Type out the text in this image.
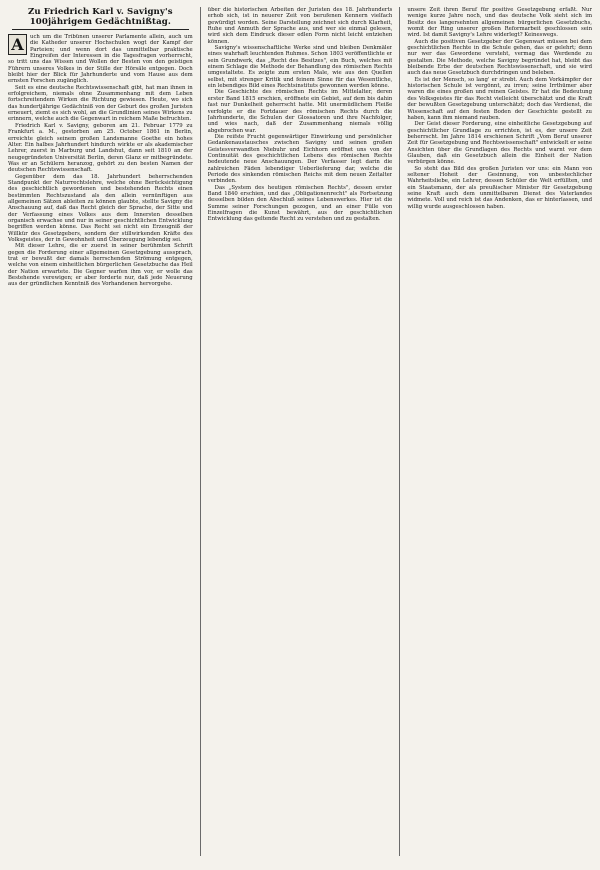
Zu Friedrich Karl v. Savigny's 100jährigem Gedächtnißtag.
A	uch um die Tribünen unserer Parlamente allein, auch um die Katheder unserer Hochschulen wogt der Kampf der Parteien; und wenn dort das unmittelbar praktische Eingreifen der Interessen in die Tagesfragen vorherrscht, so tritt uns das Wissen und Wollen der Besten von den geistigen Führern unseres Volkes in der Stille der Hörsäle entgegen. Doch bleibt hier der Blick für Jahrhunderte und vom Hause aus dem ernsten Forschen zugänglich.

Seit es eine deutsche Rechtswissenschaft gibt, hat man ihnen in erfolgreichem, niemals ohne Zusammenhang mit dem Leben fortschreitendem Wirken die Richtung gewiesen. Heute, wo sich das hundertjährige Gedächtniß von der Geburt des großen Juristen erneuert, ziemt es sich wohl, an die Grundlinien seines Wirkens zu erinnern, welche auch die Gegenwart in reichem Maße befruchten.

Friedrich Karl v. Savigny, geboren am 21. Februar 1779 zu Frankfurt a. M., gestorben am 25. October 1861 in Berlin, erreichte gleich seinem großen Landsmanne Goethe ein hohes Alter. Ein halbes Jahrhundert hindurch wirkte er als akademischer Lehrer, zuerst in Marburg und Landshut, dann seit 1810 an der neugegründeten Universität Berlin, deren Glanz er mitbegründete. Was er an Schülern heranzog, gehört zu den besten Namen der deutschen Rechtswissenschaft.

Gegenüber dem das 18. Jahrhundert beherrschenden Standpunkt der Naturrechtslehre, welche ohne Berücksichtigung des geschichtlich gewordenen und bestehenden Rechts einen bestimmten Rechtszustand als den allein vernünftigen aus allgemeinen Sätzen ableiten zu können glaubte, stellte Savigny die Anschauung auf, daß das Recht gleich der Sprache, der Sitte und der Verfassung eines Volkes aus dem Innersten desselben organisch erwachse und nur in seiner geschichtlichen Entwicklung begriffen werden könne. Das Recht sei nicht ein Erzeugniß der Willkür des Gesetzgebers, sondern der stillwirkenden Kräfte des Volksgeistes, der in Gewohnheit und Überzeugung lebendig sei.

Mit dieser Lehre, die er zuerst in seiner berühmten Schrift gegen die Forderung einer allgemeinen Gesetzgebung aussprach, trat er bewußt der damals herrschenden Strömung entgegen, welche von einem einheitlichen bürgerlichen Gesetzbuche das Heil der Nation erwartete. Die Gegner warfen ihm vor, er wolle das Bestehende verewigen; er aber forderte nur, daß jede Neuerung aus der gründlichen Kenntniß des Vorhandenen hervorgehe.

über die historischen Arbeiten der Juristen des 18. Jahrhunderts erhob sich, ist in neuerer Zeit von berufenen Kennern vielfach gewürdigt worden. Seine Darstellung zeichnet sich durch Klarheit, Ruhe und Anmuth der Sprache aus, und wer sie einmal gelesen, wird sich dem Eindruck dieser edlen Form nicht leicht entziehen können.

Savigny's wissenschaftliche Werke sind und bleiben Denkmäler eines wahrhaft leuchtenden Ruhmes. Schon 1803 veröffentlichte er sein Grundwerk, das „Recht des Besitzes", ein Buch, welches mit einem Schlage die Methode der Behandlung des römischen Rechts umgestaltete. Es zeigte zum ersten Male, wie aus den Quellen selbst, mit strenger Kritik und feinem Sinne für das Wesentliche, ein lebendiges Bild eines Rechtsinstituts gewonnen werden könne.

Die Geschichte des römischen Rechts im Mittelalter, deren erster Band 1815 erschien, eröffnete ein Gebiet, auf dem bis dahin fast nur Dunkelheit geherrscht hatte. Mit unermüdlichem Fleiße verfolgte er die Fortdauer des römischen Rechts durch die Jahrhunderte, die Schulen der Glossatoren und ihre Nachfolger, und wies nach, daß der Zusammenhang niemals völlig abgebrochen war.

Die reifste Frucht gegenwärtiger Einwirkung und persönlicher Gedankenaustausches zwischen Savigny und seinen großen Geistesverwandten Niebuhr und Eichhorn eröffnet uns von der Continuität des geschichtlichen Lebens des römischen Rechts bedeutende neue Anschauungen. Der Verfasser legt darin die zahlreichen Fäden lebendiger Ueberlieferung dar, welche die Periode des sinkenden römischen Reichs mit dem neuen Zeitalter verbinden.

Das „System des heutigen römischen Rechts", dessen erster Band 1840 erschien, und das „Obligationenrecht" als Fortsetzung desselben bilden den Abschluß seines Lebenswerkes. Hier ist die Summe seiner Forschungen gezogen, und an einer Fülle von Einzelfragen die Kunst bewährt, aus der geschichtlichen Entwicklung das geltende Recht zu verstehen und zu gestalten.

unsere Zeit ihren Beruf für positive Gesetzgebung erfaßt. Nur wenige kurze Jahre noch, und das deutsche Volk sieht sich im Besitz des langersehnten allgemeinen bürgerlichen Gesetzbuchs, womit der Ring unserer großen Reformarbeit geschlossen sein wird. Ist damit Savigny's Lehre widerlegt? Keineswegs.

Auch die positiven Gesetzgeber der Gegenwart müssen bei dem geschichtlichen Rechte in die Schule gehen, das er gelehrt; denn nur wer das Gewordene versteht, vermag das Werdende zu gestalten. Die Methode, welche Savigny begründet hat, bleibt das bleibende Erbe der deutschen Rechtswissenschaft, und sie wird auch das neue Gesetzbuch durchdringen und beleben.

Es ist der Mensch, so lang' er strebt. Auch dem Vorkämpfer der historischen Schule ist vergönnt, zu irren; seine Irrthümer aber waren die eines großen und reinen Geistes. Er hat die Bedeutung des Volksgeistes für das Recht vielleicht überschätzt und die Kraft der bewußten Gesetzgebung unterschätzt; doch das Verdienst, die Wissenschaft auf den festen Boden der Geschichte gestellt zu haben, kann ihm niemand rauben.

Der Geist dieser Forderung, eine einheitliche Gesetzgebung auf geschichtlicher Grundlage zu errichten, ist es, der unsere Zeit beherrscht. Im Jahre 1814 erschienen Schrift „Vom Beruf unserer Zeit für Gesetzgebung und Rechtswissenschaft" entwickelt er seine Ansichten über die Grundlagen des Rechts und warnt vor dem Glauben, daß ein Gesetzbuch allein die Einheit der Nation verbürgen könne.

So steht das Bild des großen Juristen vor uns: ein Mann von seltener Hoheit der Gesinnung, von unbestechlicher Wahrheitsliebe, ein Lehrer, dessen Schüler die Welt erfüllten, und ein Staatsmann, der als preußischer Minister für Gesetzgebung seine Kraft auch dem unmittelbaren Dienst des Vaterlandes widmete. Voll und reich ist das Andenken, das er hinterlassen, und willig wurde ausgeschlossen haben.
